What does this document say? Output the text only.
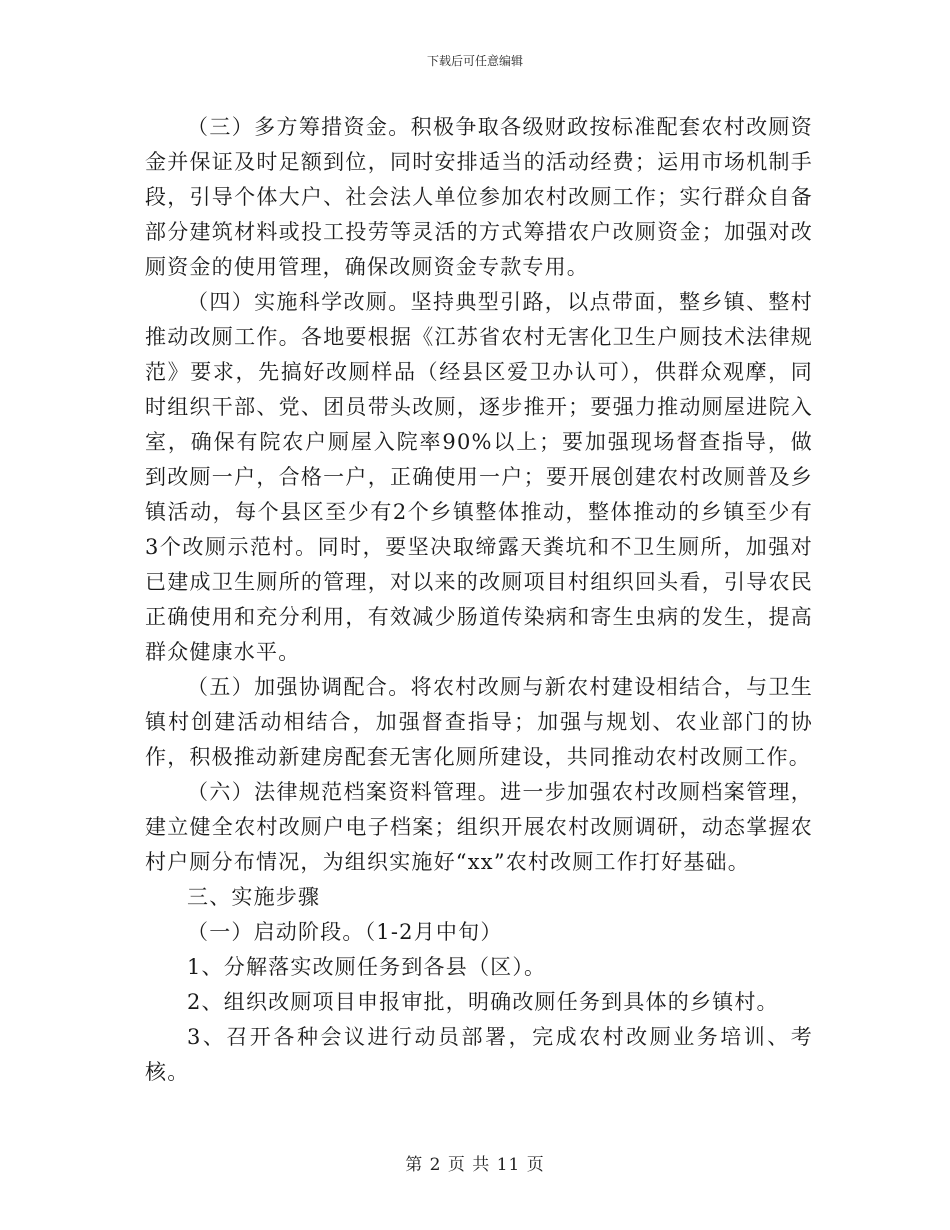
下载后可任意编辑

（三）多方筹措资金。积极争取各级财政按标准配套农村改厕资金并保证及时足额到位，同时安排适当的活动经费；运用市场机制手段，引导个体大户、社会法人单位参加农村改厕工作；实行群众自备部分建筑材料或投工投劳等灵活的方式筹措农户改厕资金；加强对改厕资金的使用管理，确保改厕资金专款专用。

（四）实施科学改厕。坚持典型引路，以点带面，整乡镇、整村推动改厕工作。各地要根据《江苏省农村无害化卫生户厕技术法律规范》要求，先搞好改厕样品（经县区爱卫办认可），供群众观摩，同时组织干部、党、团员带头改厕，逐步推开；要强力推动厕屋进院入室，确保有院农户厕屋入院率90%以上；要加强现场督查指导，做到改厕一户，合格一户，正确使用一户；要开展创建农村改厕普及乡镇活动，每个县区至少有2个乡镇整体推动，整体推动的乡镇至少有3个改厕示范村。同时，要坚决取缔露天粪坑和不卫生厕所，加强对已建成卫生厕所的管理，对以来的改厕项目村组织回头看，引导农民正确使用和充分利用，有效减少肠道传染病和寄生虫病的发生，提高群众健康水平。

（五）加强协调配合。将农村改厕与新农村建设相结合，与卫生镇村创建活动相结合，加强督查指导；加强与规划、农业部门的协作，积极推动新建房配套无害化厕所建设，共同推动农村改厕工作。

（六）法律规范档案资料管理。进一步加强农村改厕档案管理，建立健全农村改厕户电子档案；组织开展农村改厕调研，动态掌握农村户厕分布情况，为组织实施好“xx”农村改厕工作打好基础。

三、实施步骤

（一）启动阶段。（1-2月中旬）

1、分解落实改厕任务到各县（区）。

2、组织改厕项目申报审批，明确改厕任务到具体的乡镇村。

3、召开各种会议进行动员部署，完成农村改厕业务培训、考核。

第 2 页 共 11 页
